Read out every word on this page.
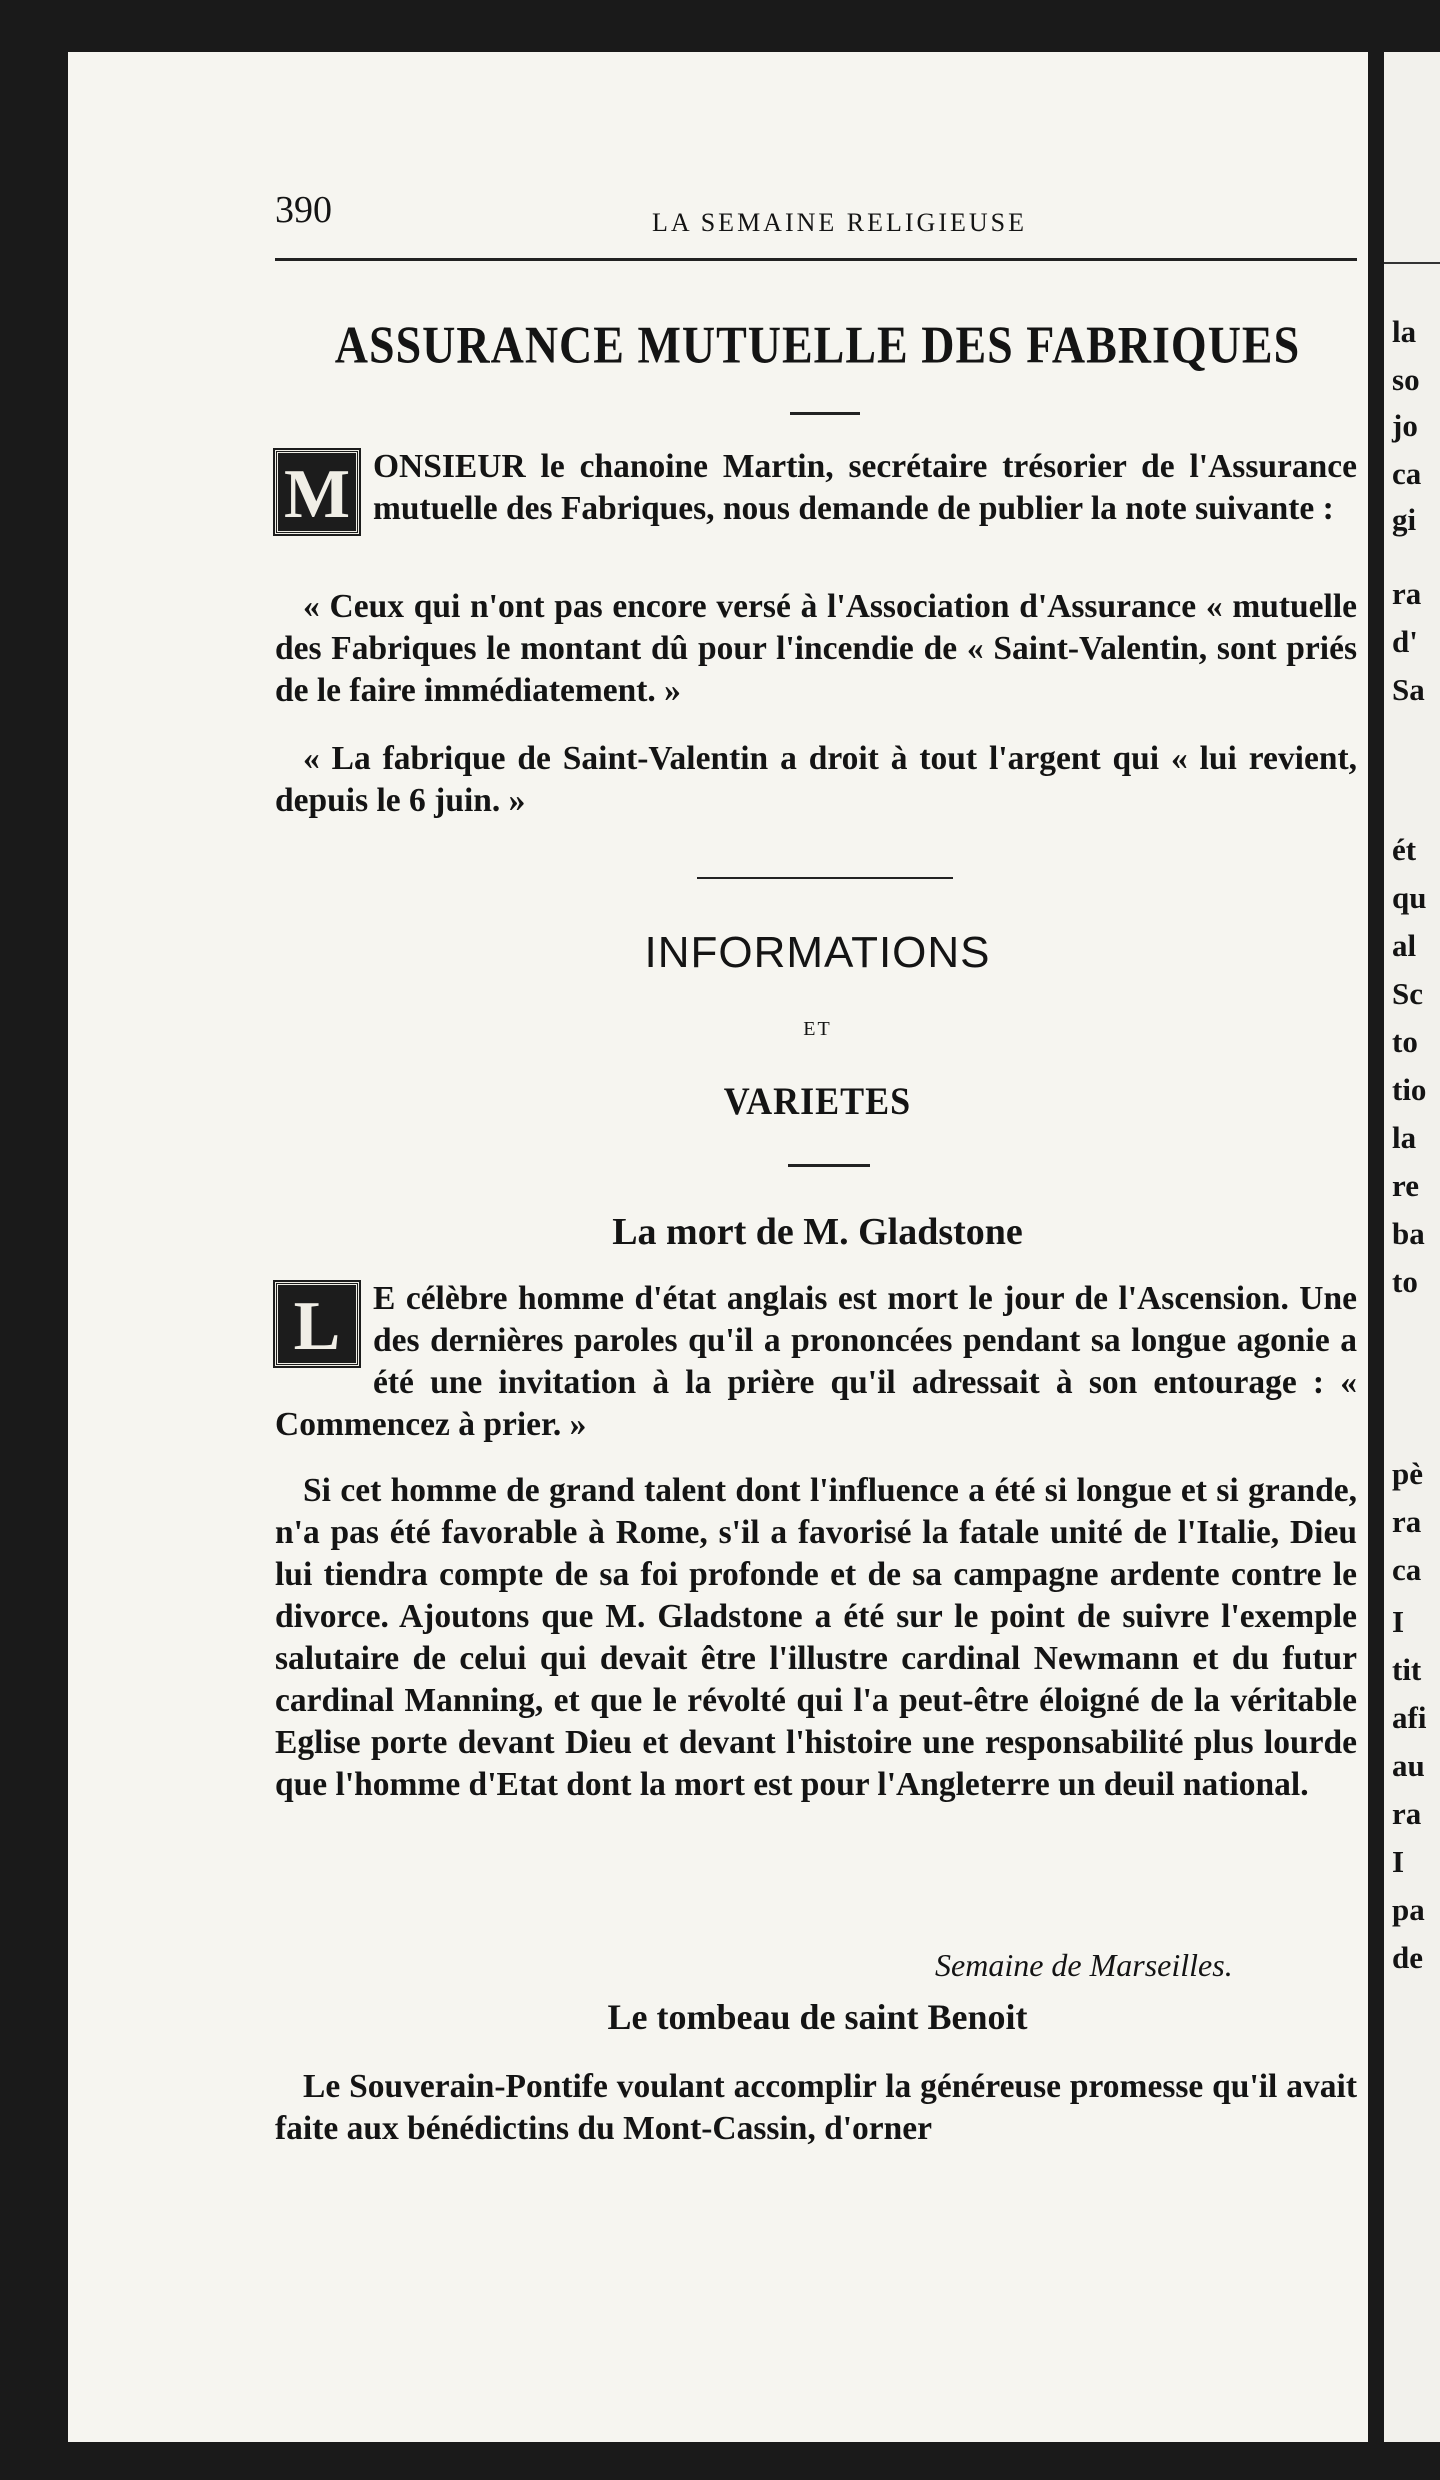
390	LA SEMAINE RELIGIEUSE
ASSURANCE MUTUELLE DES FABRIQUES
M ONSIEUR le chanoine Martin, secrétaire trésorier de l'Assurance mutuelle des Fabriques, nous demande de publier la note suivante :
« Ceux qui n'ont pas encore versé à l'Association d'Assurance « mutuelle des Fabriques le montant dû pour l'incendie de « Saint-Valentin, sont priés de le faire immédiatement. »
« La fabrique de Saint-Valentin a droit à tout l'argent qui « lui revient, depuis le 6 juin. »
INFORMATIONS
ET
VARIETES
La mort de M. Gladstone
L E célèbre homme d'état anglais est mort le jour de l'Ascension. Une des dernières paroles qu'il a prononcées pendant sa longue agonie a été une invitation à la prière qu'il adressait à son entourage : « Commencez à prier. »
Si cet homme de grand talent dont l'influence a été si longue et si grande, n'a pas été favorable à Rome, s'il a favorisé la fatale unité de l'Italie, Dieu lui tiendra compte de sa foi profonde et de sa campagne ardente contre le divorce. Ajoutons que M. Gladstone a été sur le point de suivre l'exemple salutaire de celui qui devait être l'illustre cardinal Newmann et du futur cardinal Manning, et que le révolté qui l'a peut-être éloigné de la véritable Eglise porte devant Dieu et devant l'histoire une responsabilité plus lourde que l'homme d'Etat dont la mort est pour l'Angleterre un deuil national.
Semaine de Marseilles.
Le tombeau de saint Benoit
Le Souverain-Pontife voulant accomplir la généreuse promesse qu'il avait faite aux bénédictins du Mont-Cassin, d'orner
la
so
jo
ca
gi
ra
d'
Sa
ét
qu
al
Sc
to
tio
la
re
ba
to
pè
ra
ca
I
tit
afi
au
ra
I
pa
de
